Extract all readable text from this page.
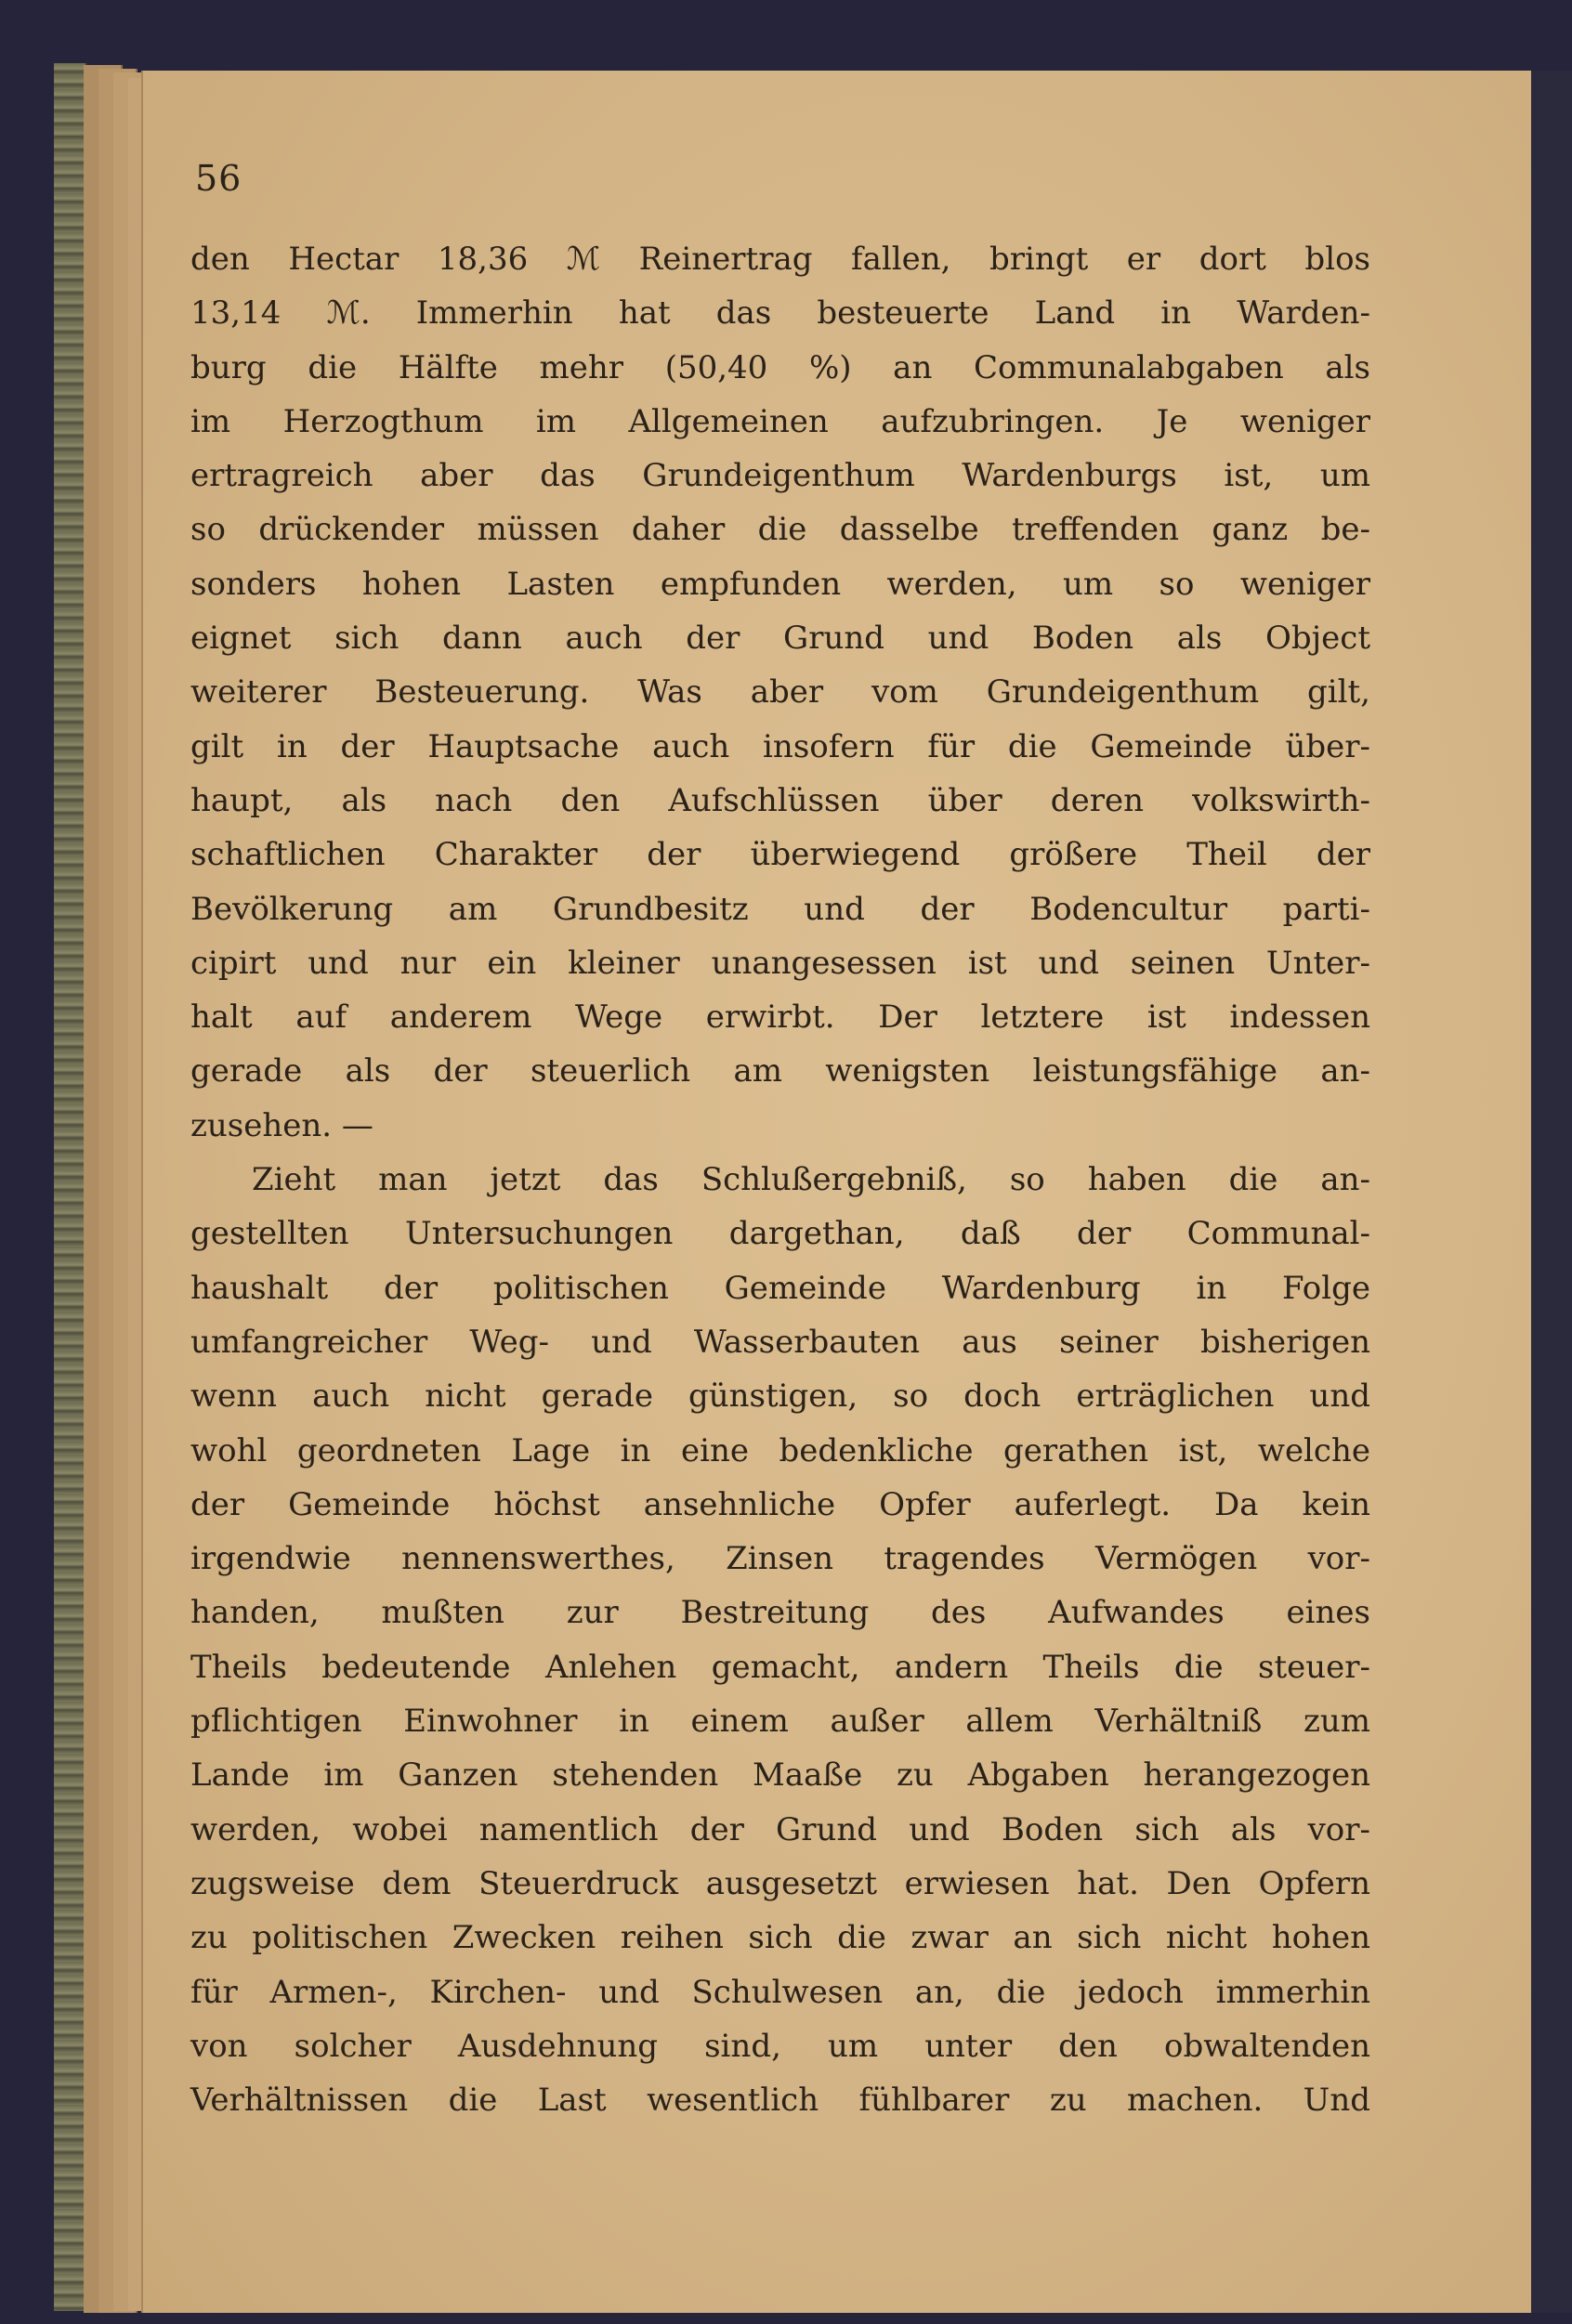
56
den Hectar 18,36 ℳ Reinertrag fallen, bringt er dort blos
13,14 ℳ. Immerhin hat das besteuerte Land in Warden-
burg die Hälfte mehr (50,40 %) an Communalabgaben als
im Herzogthum im Allgemeinen aufzubringen. Je weniger
ertragreich aber das Grundeigenthum Wardenburgs ist, um
so drückender müssen daher die dasselbe treffenden ganz be-
sonders hohen Lasten empfunden werden, um so weniger
eignet sich dann auch der Grund und Boden als Object
weiterer Besteuerung. Was aber vom Grundeigenthum gilt,
gilt in der Hauptsache auch insofern für die Gemeinde über-
haupt, als nach den Aufschlüssen über deren volkswirth-
schaftlichen Charakter der überwiegend größere Theil der
Bevölkerung am Grundbesitz und der Bodencultur parti-
cipirt und nur ein kleiner unangesessen ist und seinen Unter-
halt auf anderem Wege erwirbt. Der letztere ist indessen
gerade als der steuerlich am wenigsten leistungsfähige an-
zusehen. —
Zieht man jetzt das Schlußergebniß, so haben die an-
gestellten Untersuchungen dargethan, daß der Communal-
haushalt der politischen Gemeinde Wardenburg in Folge
umfangreicher Weg- und Wasserbauten aus seiner bisherigen
wenn auch nicht gerade günstigen, so doch erträglichen und
wohl geordneten Lage in eine bedenkliche gerathen ist, welche
der Gemeinde höchst ansehnliche Opfer auferlegt. Da kein
irgendwie nennenswerthes, Zinsen tragendes Vermögen vor-
handen, mußten zur Bestreitung des Aufwandes eines
Theils bedeutende Anlehen gemacht, andern Theils die steuer-
pflichtigen Einwohner in einem außer allem Verhältniß zum
Lande im Ganzen stehenden Maaße zu Abgaben herangezogen
werden, wobei namentlich der Grund und Boden sich als vor-
zugsweise dem Steuerdruck ausgesetzt erwiesen hat. Den Opfern
zu politischen Zwecken reihen sich die zwar an sich nicht hohen
für Armen-, Kirchen- und Schulwesen an, die jedoch immerhin
von solcher Ausdehnung sind, um unter den obwaltenden
Verhältnissen die Last wesentlich fühlbarer zu machen. Und
